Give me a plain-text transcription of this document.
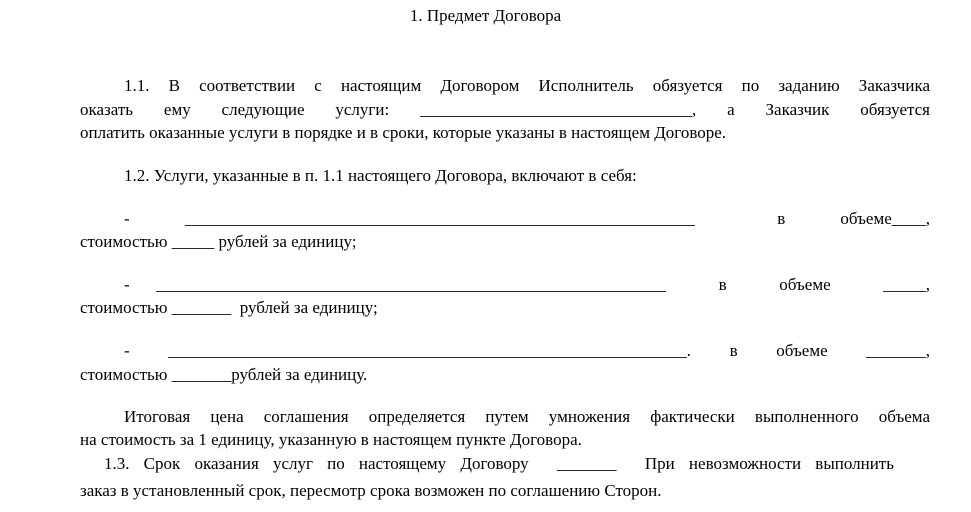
1. Предмет Договора
1.1. В соответствии с настоящим Договором Исполнитель обязуется по заданию Заказчика
оказать ему следующие услуги: ________________________________, а Заказчик обязуется
оплатить оказанные услуги в порядке и в сроки, которые указаны в настоящем Договоре.
1.2. Услуги, указанные в п. 1.1 настоящего Договора, включают в себя:
-  ____________________________________________________________   в  объеме____,
стоимостью _____ рублей за единицу;
- ____________________________________________________________  в  объеме  _____,
стоимостью _______  рублей за единицу;
- _____________________________________________________________. в объеме _______,
стоимостью _______рублей за единицу.
Итоговая цена соглашения определяется путем умножения фактически выполненного объема
на стоимость за 1 единицу, указанную в настоящем пункте Договора.
1.3. Срок оказания услуг по настоящему Договору  _______  При невозможности выполнить
заказ в установленный срок, пересмотр срока возможен по соглашению Сторон.
